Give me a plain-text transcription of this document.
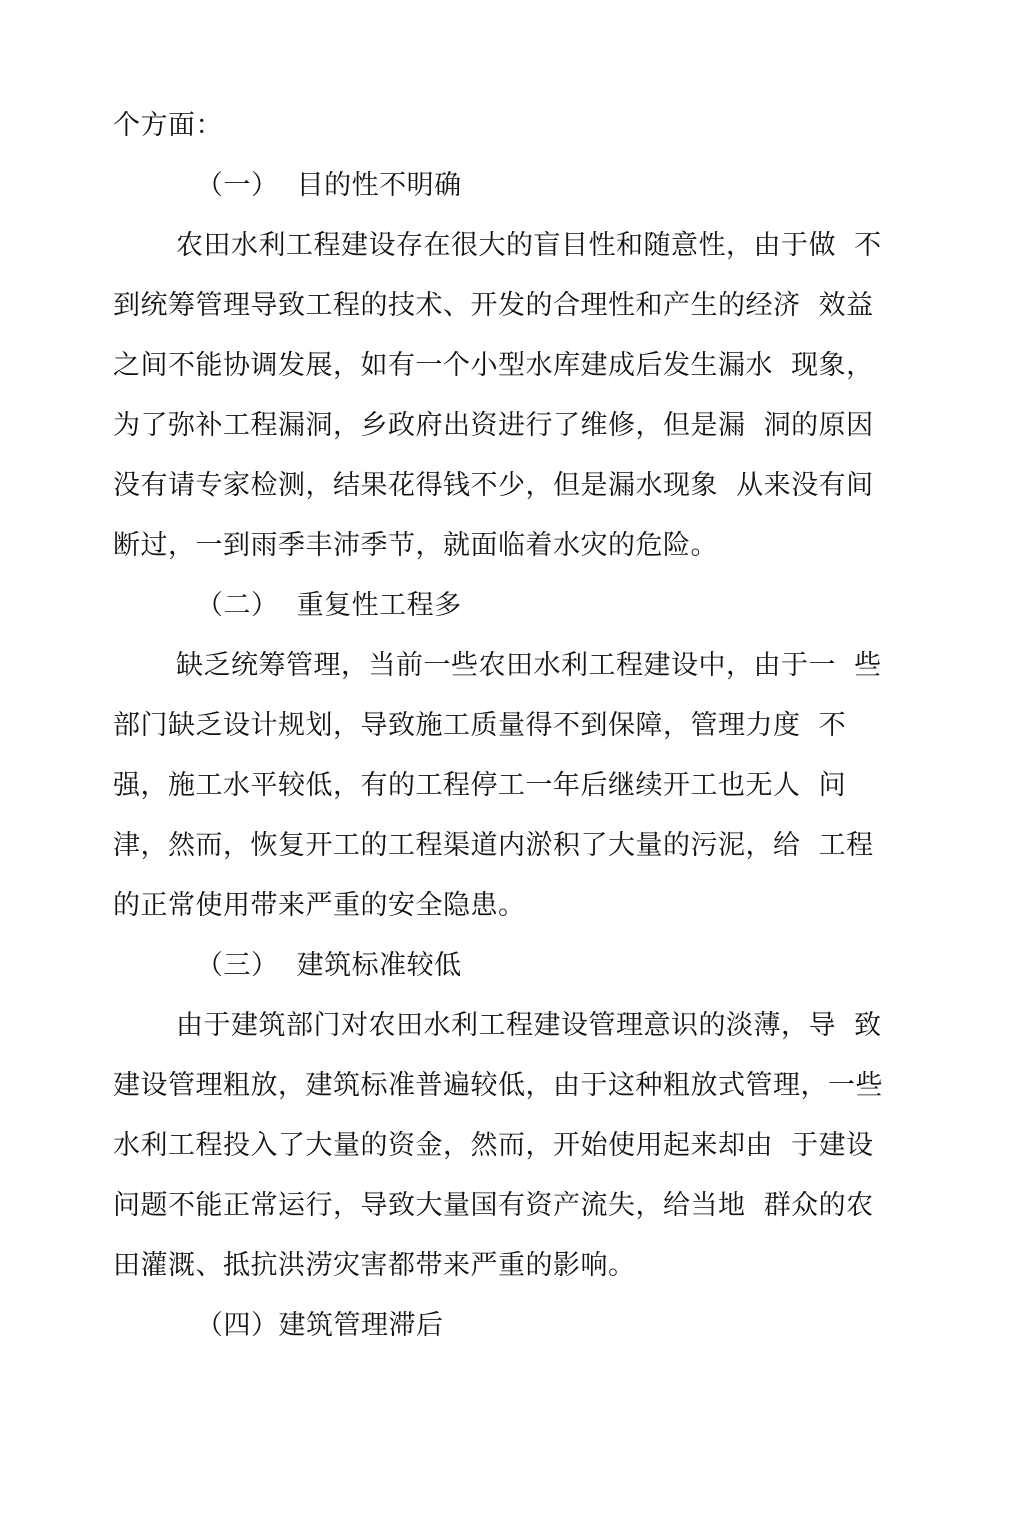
个方面：
（一）  目的性不明确
农田水利工程建设存在很大的盲目性和随意性，由于做  不
到统筹管理导致工程的技术、开发的合理性和产生的经济  效益
之间不能协调发展，如有一个小型水库建成后发生漏水  现象，
为了弥补工程漏洞，乡政府出资进行了维修，但是漏  洞的原因
没有请专家检测，结果花得钱不少，但是漏水现象  从来没有间
断过，一到雨季丰沛季节，就面临着水灾的危险。
（二）  重复性工程多
缺乏统筹管理，当前一些农田水利工程建设中，由于一  些
部门缺乏设计规划，导致施工质量得不到保障，管理力度  不
强，施工水平较低，有的工程停工一年后继续开工也无人  问
津，然而，恢复开工的工程渠道内淤积了大量的污泥，给  工程
的正常使用带来严重的安全隐患。
（三）  建筑标准较低
由于建筑部门对农田水利工程建设管理意识的淡薄，导  致
建设管理粗放，建筑标准普遍较低，由于这种粗放式管理，一些
水利工程投入了大量的资金，然而，开始使用起来却由  于建设
问题不能正常运行，导致大量国有资产流失，给当地  群众的农
田灌溉、抵抗洪涝灾害都带来严重的影响。
（四）建筑管理滞后
